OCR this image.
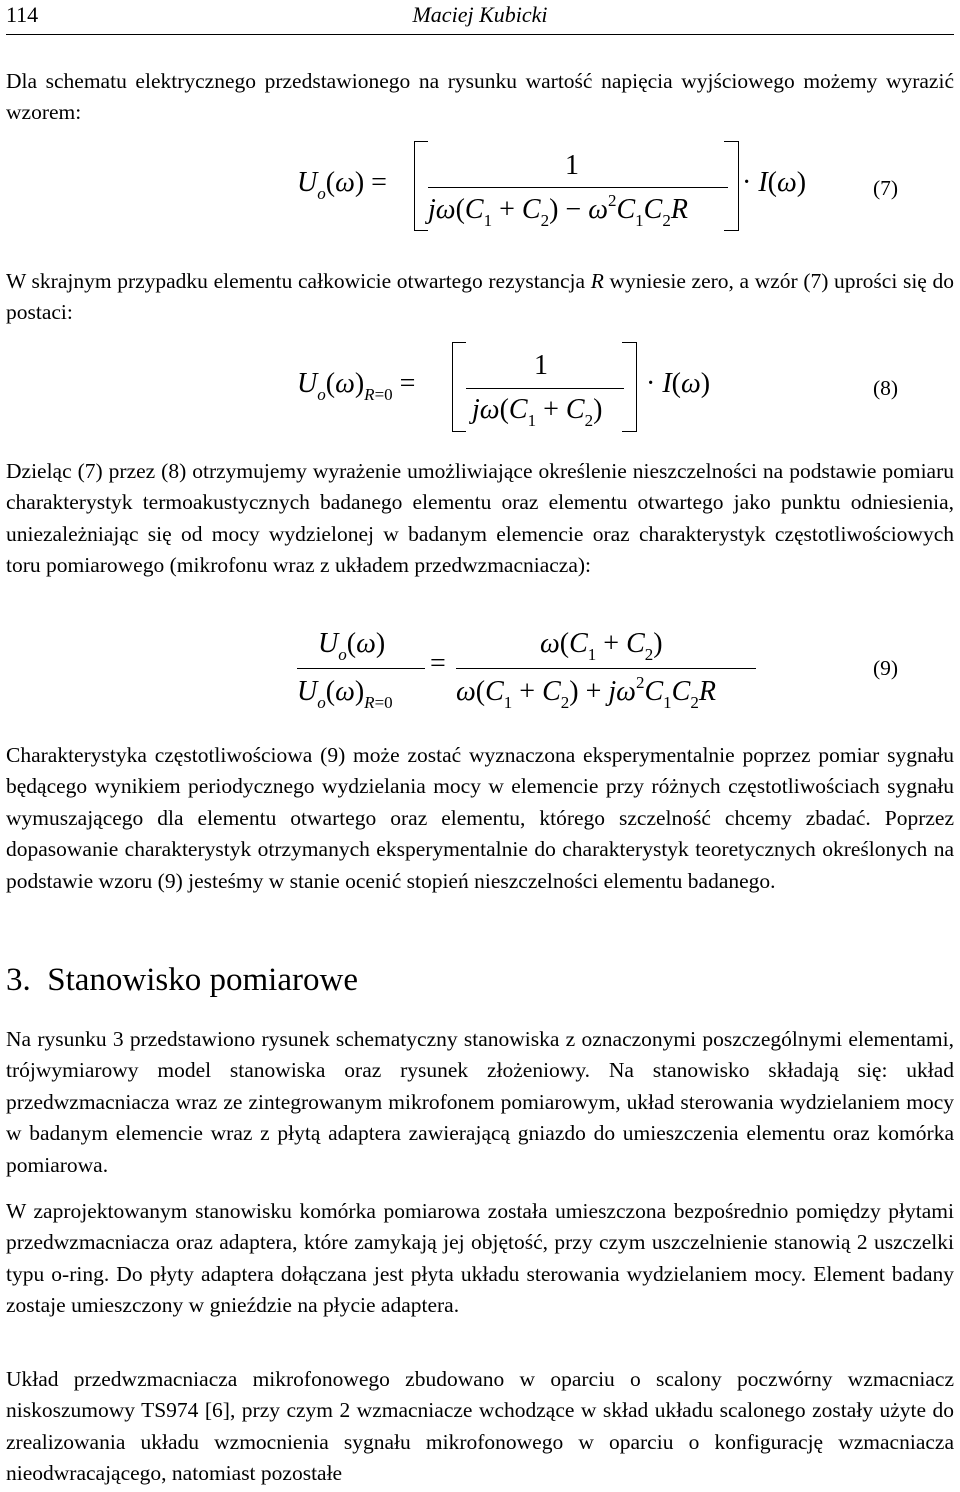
114	Maciej Kubicki
Dla schematu elektrycznego przedstawionego na rysunku wartość napięcia wyjściowego możemy wyrazić wzorem:
$U_o(\omega)$ =
1
$j\omega(C_1 + C_2) - \omega^2C_1C_2R$
· I(ω)	(7)
W skrajnym przypadku elementu całkowicie otwartego rezystancja R wyniesie zero, a wzór (7) uprości się do postaci:
$U_o(\omega)_{R=0}$ =
1
$j\omega(C_1 + C_2)$
· I(ω)	(8)
Dzieląc (7) przez (8) otrzymujemy wyrażenie umożliwiające określenie nieszczelności na podstawie pomiaru charakterystyk termoakustycznych badanego elementu oraz elementu otwartego jako punktu odniesienia, uniezależniając się od mocy wydzielonej w badanym elemencie oraz charakterystyk częstotliwościowych toru pomiarowego (mikrofonu wraz z układem przedwzmacniacza):
$U_o(\omega)$
$U_o(\omega)_{R=0}$
=
$\omega(C_1 + C_2)$
$\omega(C_1 + C_2) + j\omega^2C_1C_2R$
(9)
Charakterystyka częstotliwościowa (9) może zostać wyznaczona eksperymentalnie poprzez pomiar sygnału będącego wynikiem periodycznego wydzielania mocy w elemencie przy różnych częstotliwościach sygnału wymuszającego dla elementu otwartego oraz elementu, którego szczelność chcemy zbadać. Poprzez dopasowanie charakterystyk otrzymanych eksperymentalnie do charakterystyk teoretycznych określonych na podstawie wzoru (9) jesteśmy w stanie ocenić stopień nieszczelności elementu badanego.
3. Stanowisko pomiarowe
Na rysunku 3 przedstawiono rysunek schematyczny stanowiska z oznaczonymi poszczególnymi elementami, trójwymiarowy model stanowiska oraz rysunek złożeniowy. Na stanowisko składają się: układ przedwzmacniacza wraz ze zintegrowanym mikrofonem pomiarowym, układ sterowania wydzielaniem mocy w badanym elemencie wraz z płytą adaptera zawierającą gniazdo do umieszczenia elementu oraz komórka pomiarowa.
W zaprojektowanym stanowisku komórka pomiarowa została umieszczona bezpośrednio pomiędzy płytami przedwzmacniacza oraz adaptera, które zamykają jej objętość, przy czym uszczelnienie stanowią 2 uszczelki typu o-ring. Do płyty adaptera dołączana jest płyta układu sterowania wydzielaniem mocy. Element badany zostaje umieszczony w gnieździe na płycie adaptera.
Układ przedwzmacniacza mikrofonowego zbudowano w oparciu o scalony poczwórny wzmacniacz niskoszumowy TS974 [6], przy czym 2 wzmacniacze wchodzące w skład układu scalonego zostały użyte do zrealizowania układu wzmocnienia sygnału mikrofonowego w oparciu o konfigurację wzmacniacza nieodwracającego, natomiast pozostałe
